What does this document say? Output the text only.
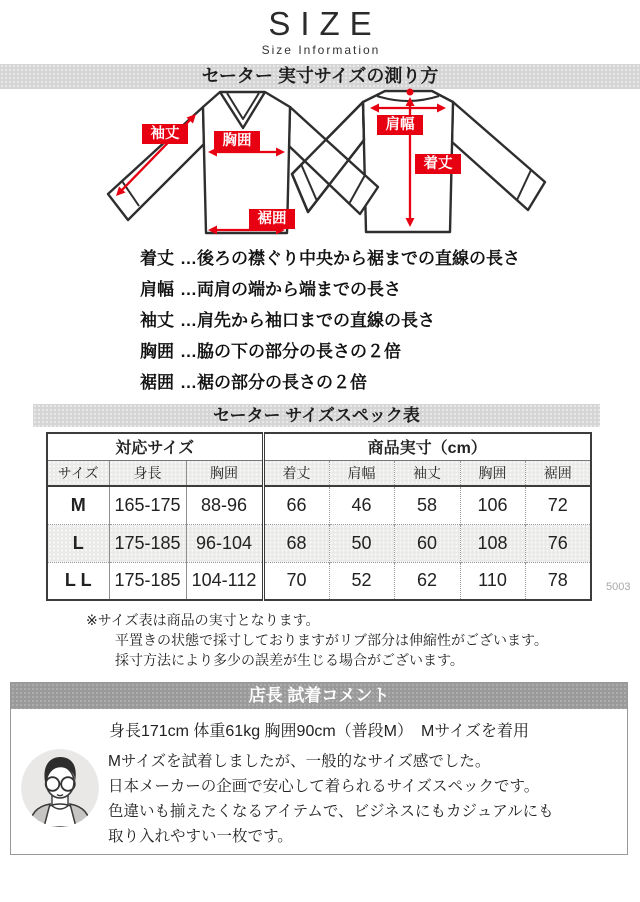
SIZE
Size Information
セーター 実寸サイズの測り方
袖丈	胸囲
裾囲
肩幅
着丈
着丈 …後ろの襟ぐり中央から裾までの直線の長さ
肩幅 …両肩の端から端までの長さ
袖丈 …肩先から袖口までの直線の長さ
胸囲 …脇の下の部分の長さの２倍
裾囲 …裾の部分の長さの２倍
セーター サイズスペック表
対応サイズ			商品実寸（cm）				
サイズ	身長	胸囲	着丈	肩幅	袖丈	胸囲	裾囲
M	165-175	88-96	66	46	58	106	72
L	175-185	96-104	68	50	60	108	76
L L	175-185	104-112	70	52	62	110	78	5003
※サイズ表は商品の実寸となります。
平置きの状態で採寸しておりますがリブ部分は伸縮性がございます。
採寸方法により多少の誤差が生じる場合がございます。
店長 試着コメント
身長171cm 体重61kg 胸囲90cm（普段M）　Mサイズを着用
Mサイズを試着しましたが、一般的なサイズ感でした。
日本メーカーの企画で安心して着られるサイズスペックです。
色違いも揃えたくなるアイテムで、ビジネスにもカジュアルにも
取り入れやすい一枚です。
